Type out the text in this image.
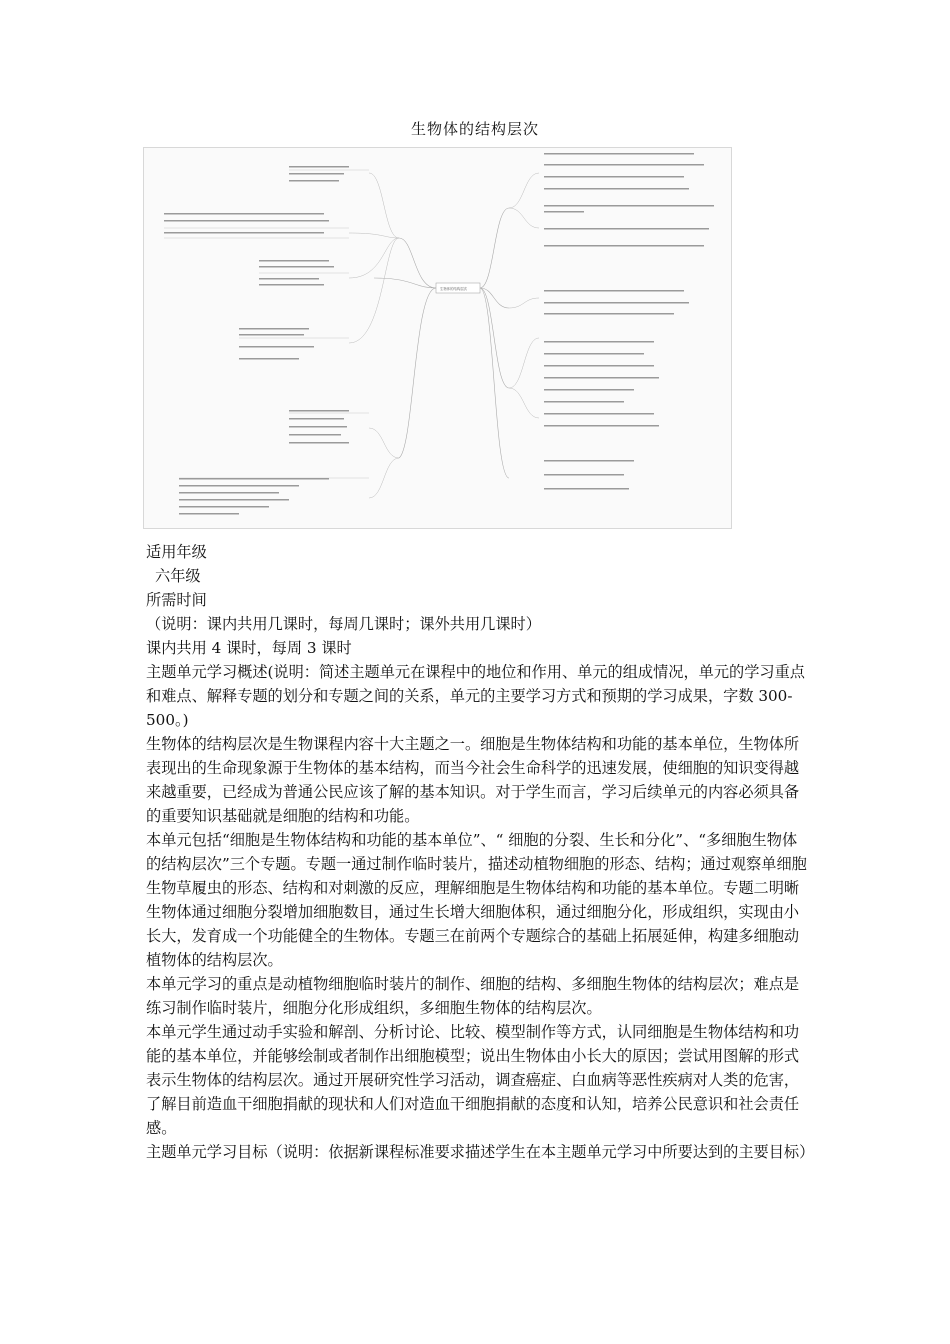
生物体的结构层次
生物体的结构层次

适用年级

六年级

所需时间

（说明：课内共用几课时，每周几课时；课外共用几课时）

课内共用 4 课时，每周 3 课时

主题单元学习概述(说明：简述主题单元在课程中的地位和作用、单元的组成情况，单元的学习重点和难点、解释专题的划分和专题之间的关系，单元的主要学习方式和预期的学习成果，字数 300-500。)

生物体的结构层次是生物课程内容十大主题之一。细胞是生物体结构和功能的基本单位，生物体所表现出的生命现象源于生物体的基本结构，而当今社会生命科学的迅速发展，使细胞的知识变得越来越重要，已经成为普通公民应该了解的基本知识。对于学生而言，学习后续单元的内容必须具备的重要知识基础就是细胞的结构和功能。

本单元包括“细胞是生物体结构和功能的基本单位”、“ 细胞的分裂、生长和分化”、“多细胞生物体的结构层次”三个专题。专题一通过制作临时装片，描述动植物细胞的形态、结构；通过观察单细胞生物草履虫的形态、结构和对刺激的反应，理解细胞是生物体结构和功能的基本单位。专题二明晰生物体通过细胞分裂增加细胞数目，通过生长增大细胞体积，通过细胞分化，形成组织，实现由小长大，发育成一个功能健全的生物体。专题三在前两个专题综合的基础上拓展延伸，构建多细胞动植物体的结构层次。

本单元学习的重点是动植物细胞临时装片的制作、细胞的结构、多细胞生物体的结构层次；难点是练习制作临时装片，细胞分化形成组织，多细胞生物体的结构层次。

本单元学生通过动手实验和解剖、分析讨论、比较、模型制作等方式，认同细胞是生物体结构和功能的基本单位，并能够绘制或者制作出细胞模型；说出生物体由小长大的原因；尝试用图解的形式表示生物体的结构层次。通过开展研究性学习活动，调查癌症、白血病等恶性疾病对人类的危害，了解目前造血干细胞捐献的现状和人们对造血干细胞捐献的态度和认知，培养公民意识和社会责任感。

主题单元学习目标（说明：依据新课程标准要求描述学生在本主题单元学习中所要达到的主要目标）
